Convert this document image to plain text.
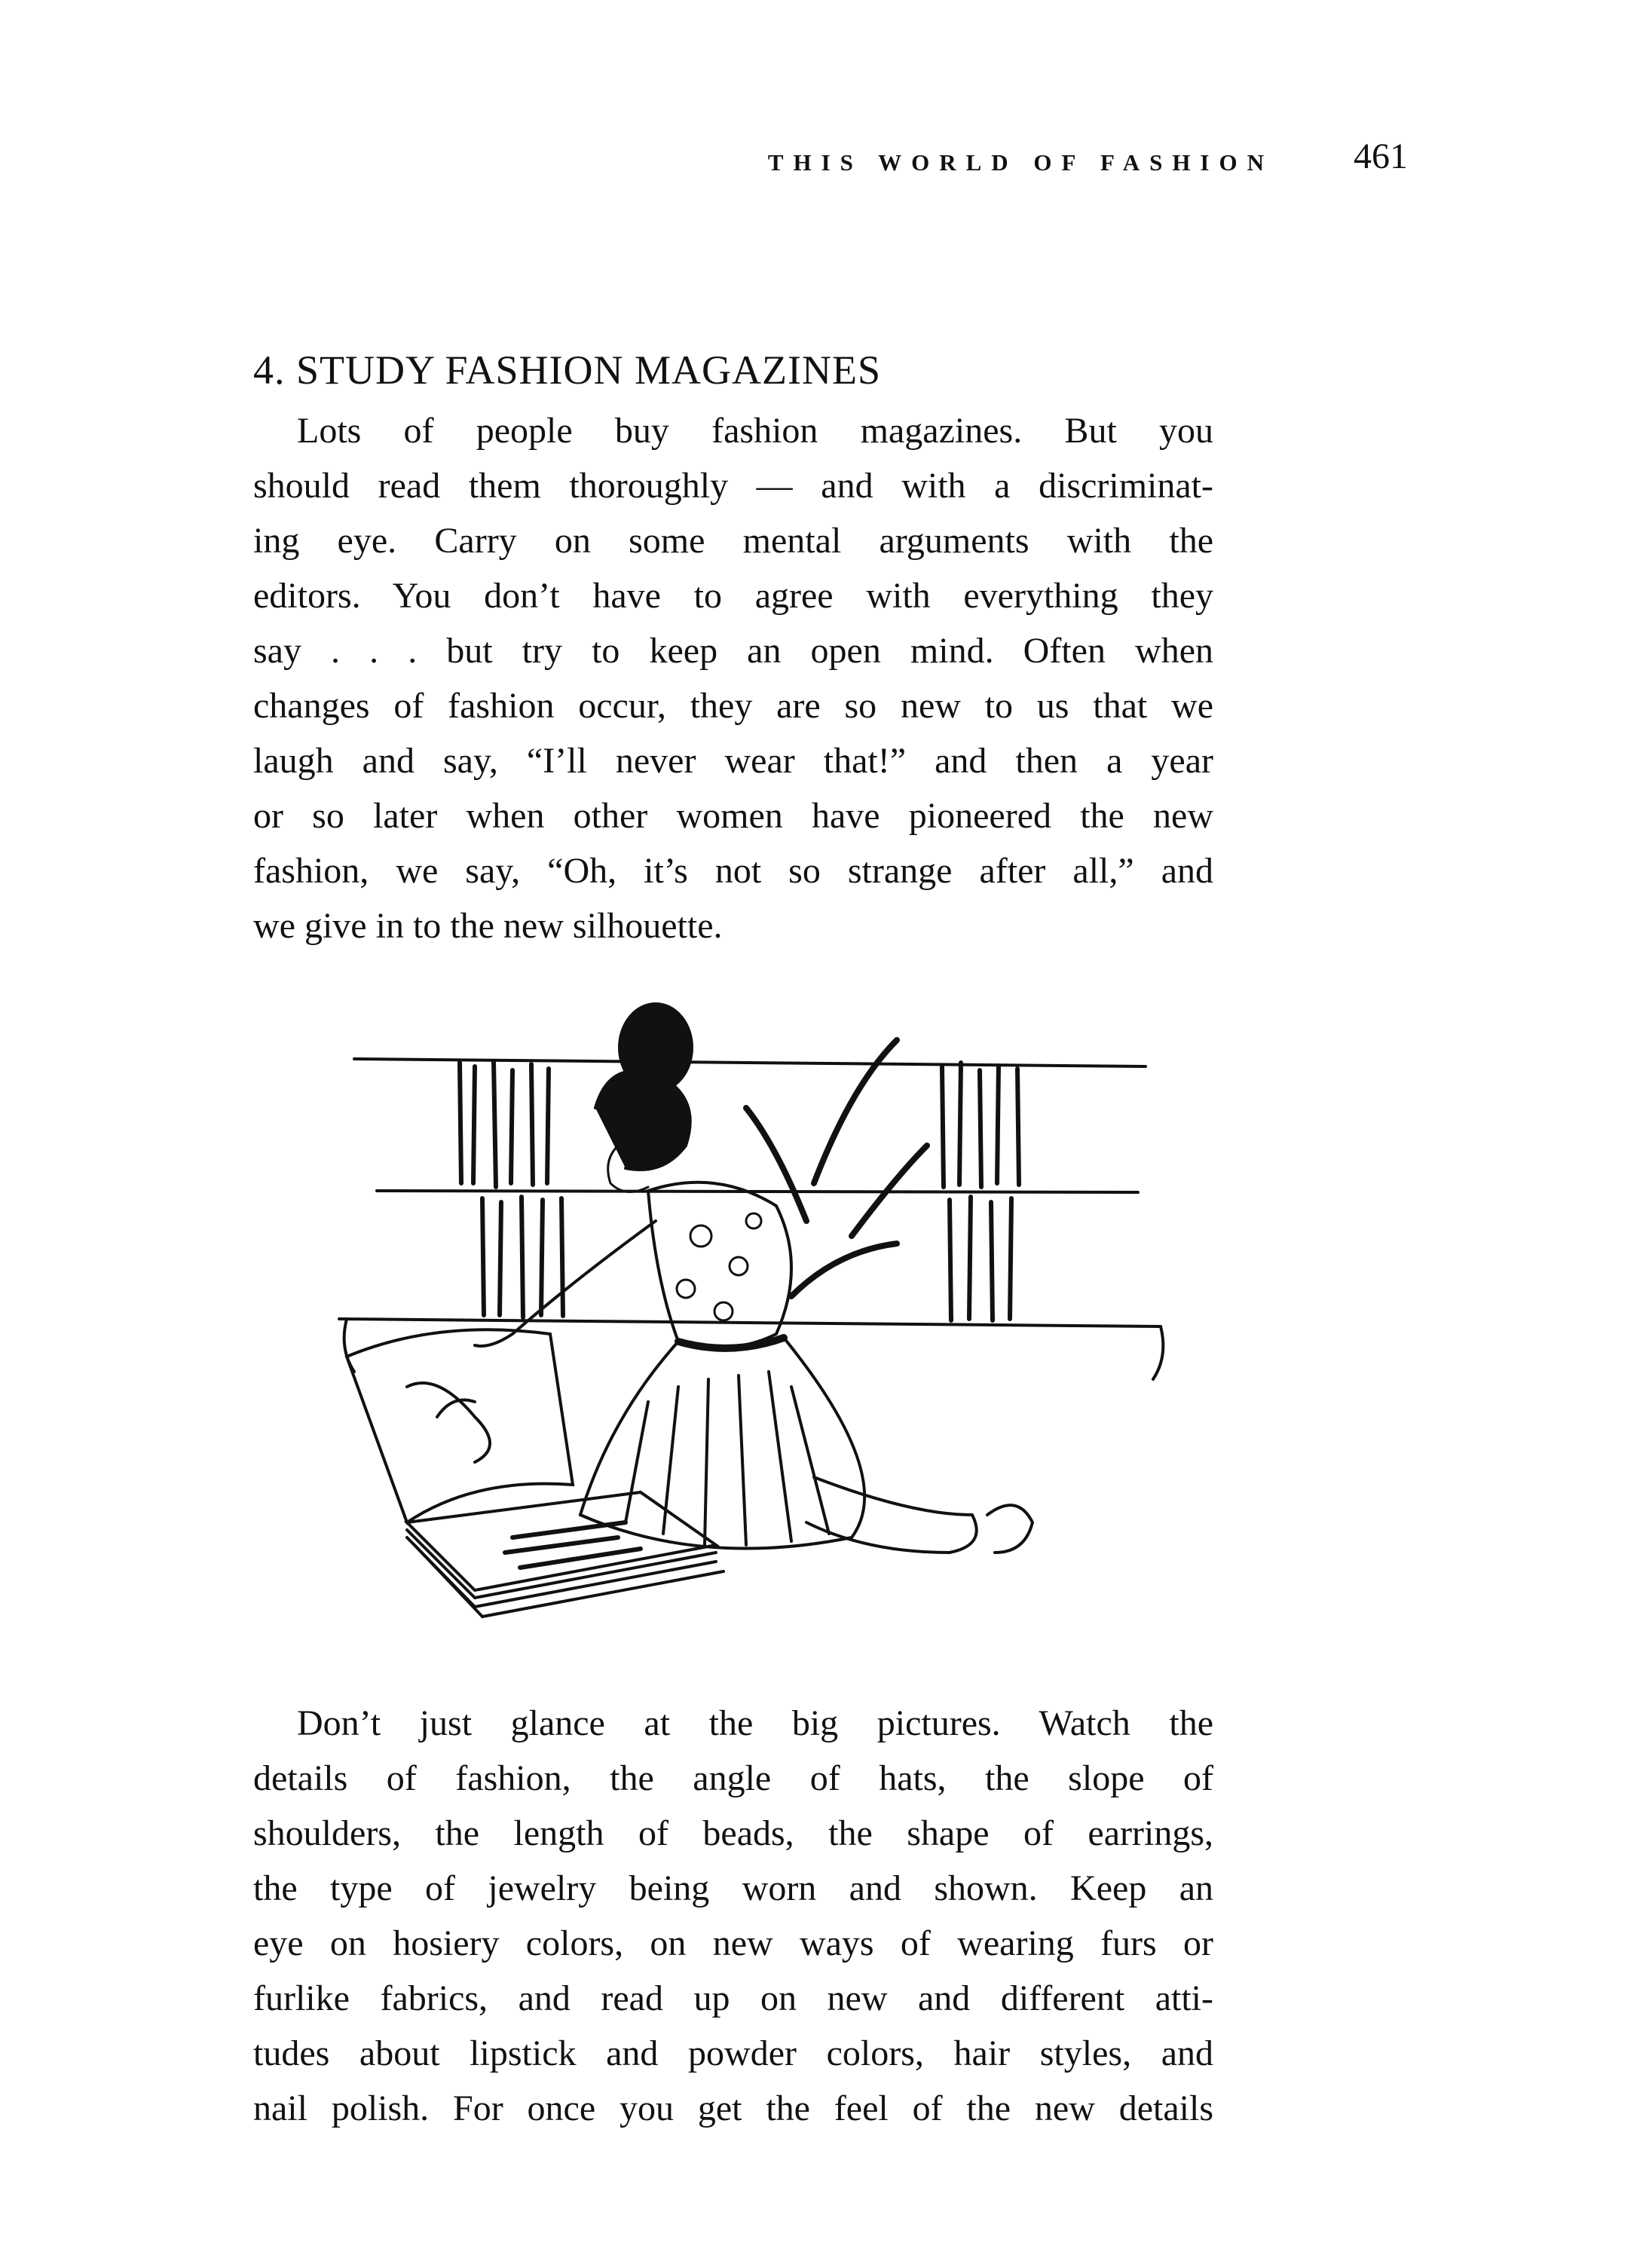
THIS WORLD OF FASHION 461
4. STUDY FASHION MAGAZINES
Lots of people buy fashion magazines. But you
should read them thoroughly — and with a discriminat-
ing eye. Carry on some mental arguments with the
editors. You don’t have to agree with everything they
say . . . but try to keep an open mind. Often when
changes of fashion occur, they are so new to us that we
laugh and say, “I’ll never wear that!” and then a year
or so later when other women have pioneered the new
fashion, we say, “Oh, it’s not so strange after all,” and
we give in to the new silhouette.
Don’t just glance at the big pictures. Watch the
details of fashion, the angle of hats, the slope of
shoulders, the length of beads, the shape of earrings,
the type of jewelry being worn and shown. Keep an
eye on hosiery colors, on new ways of wearing furs or
furlike fabrics, and read up on new and different atti-
tudes about lipstick and powder colors, hair styles, and
nail polish. For once you get the feel of the new details
